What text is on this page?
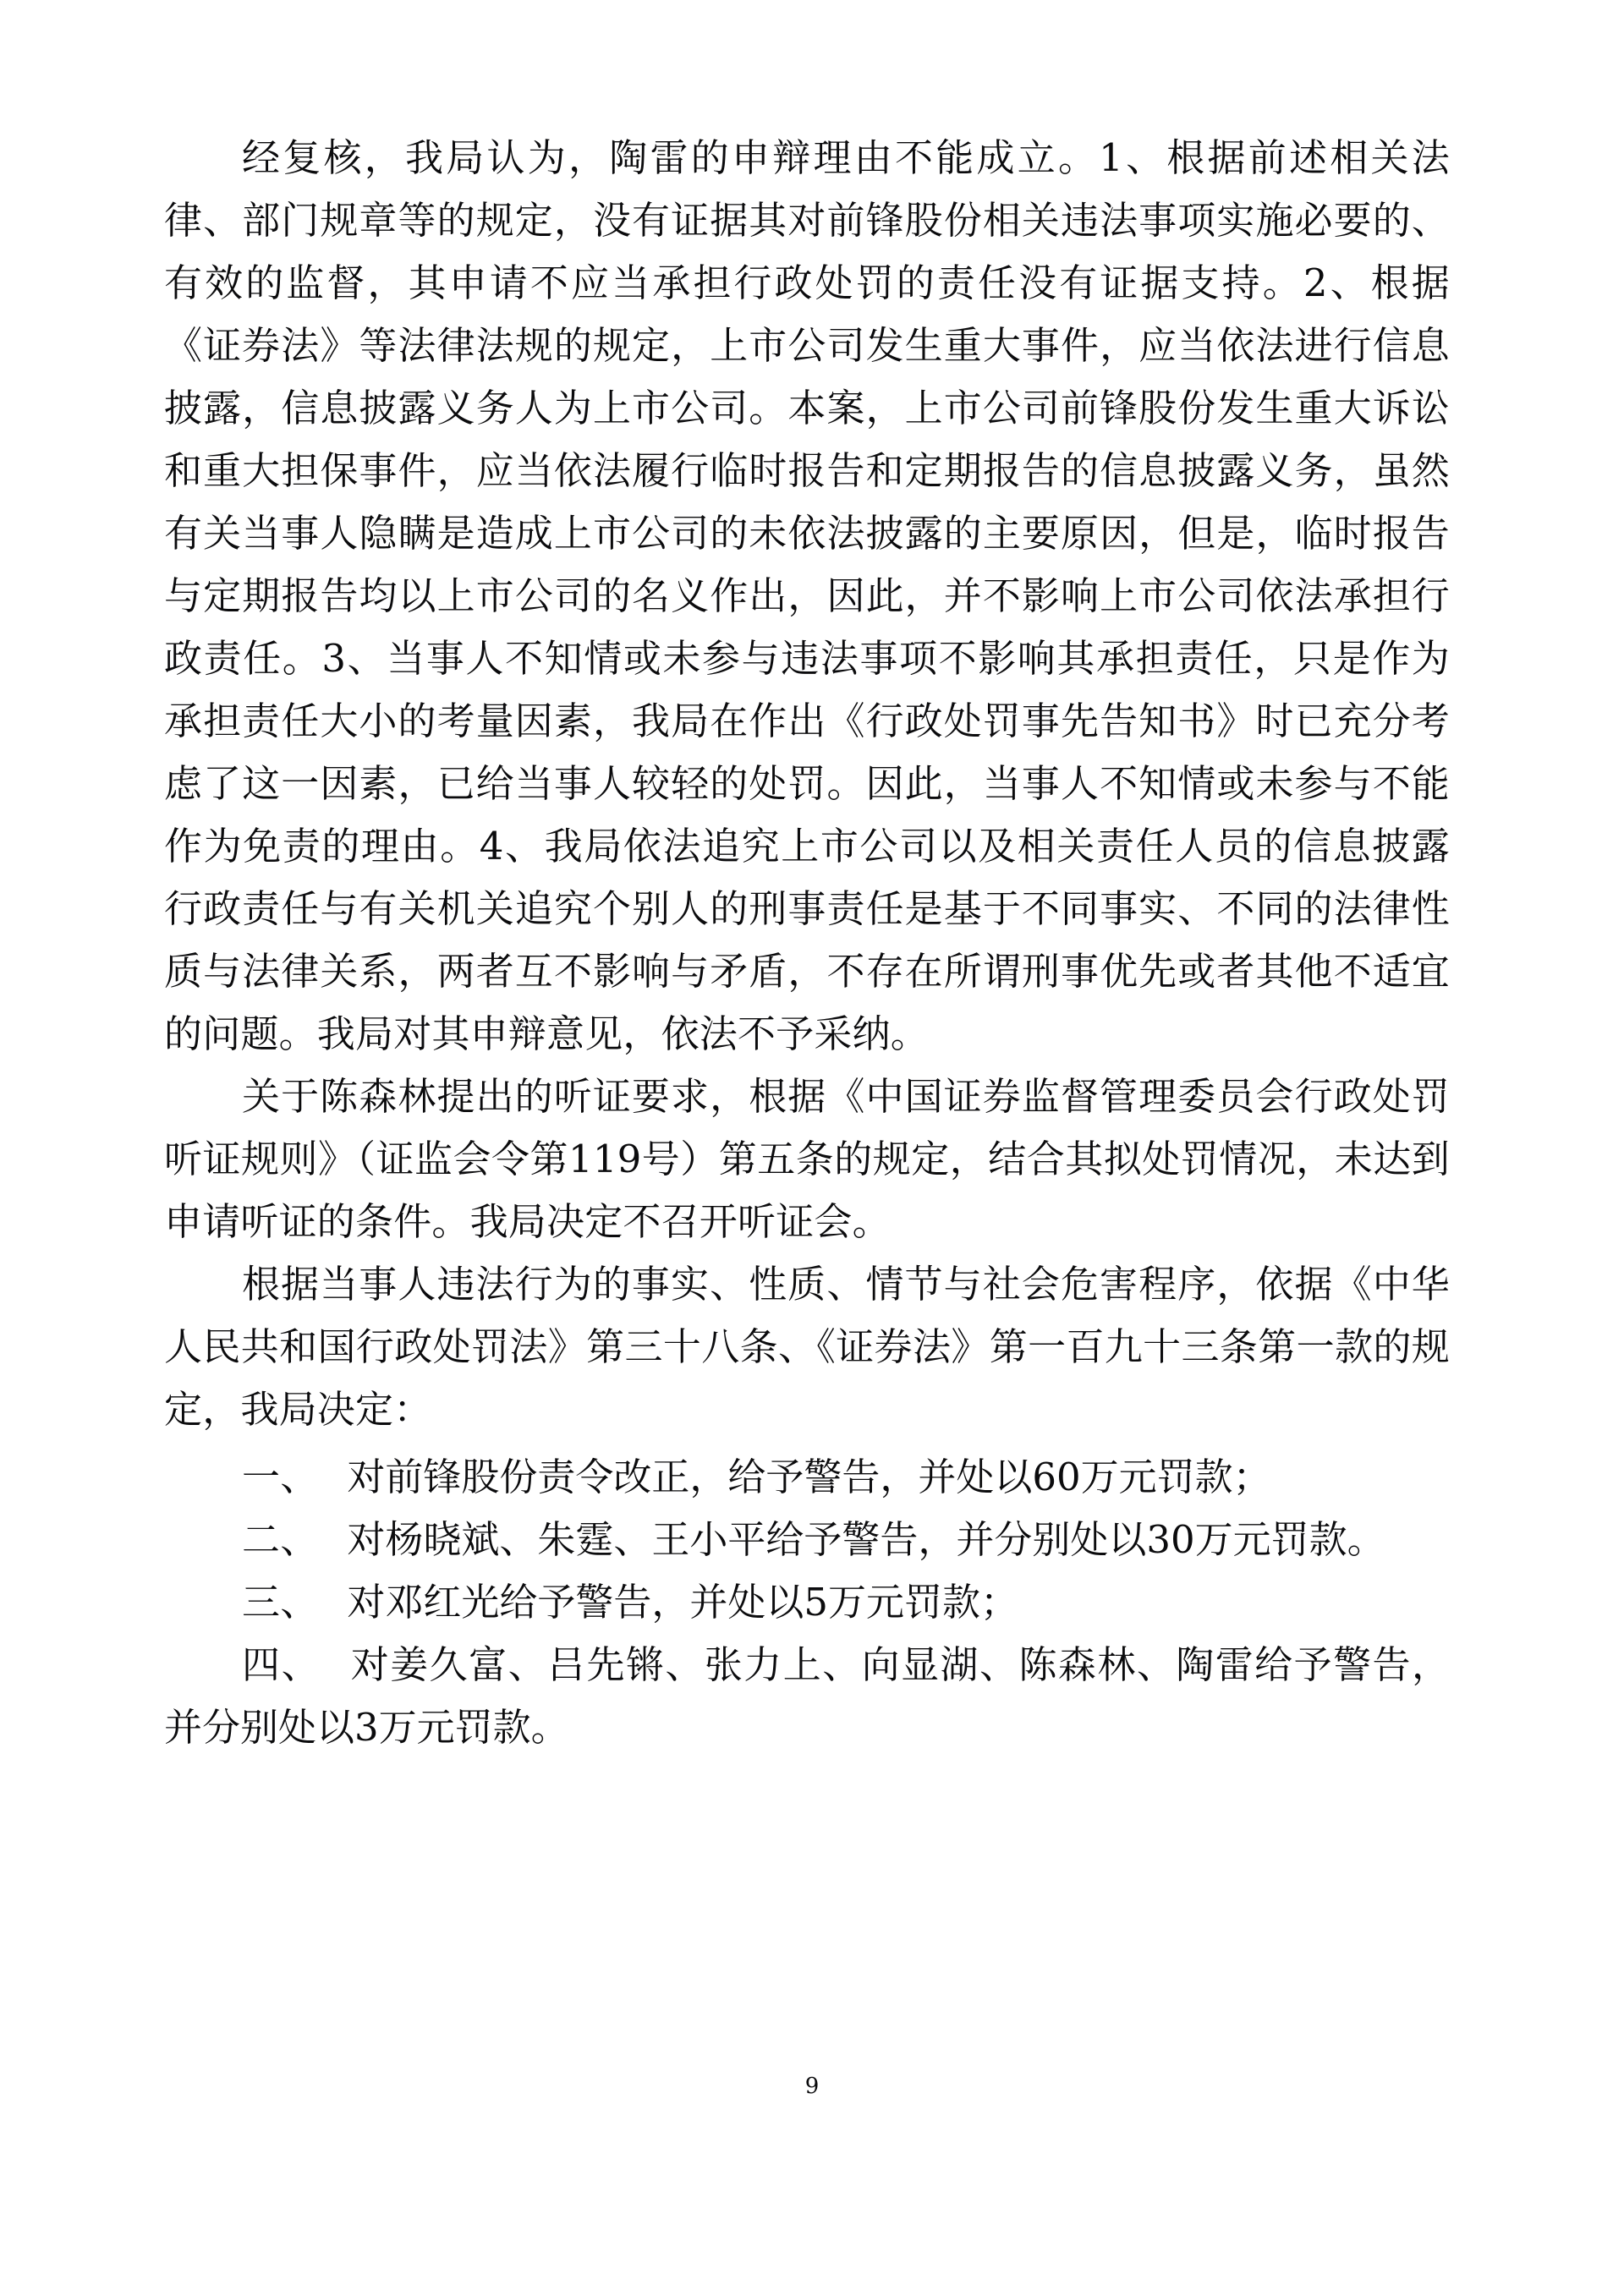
经复核，我局认为，陶雷的申辩理由不能成立。1、根据前述相关法律、部门规章等的规定，没有证据其对前锋股份相关违法事项实施必要的、有效的监督，其申请不应当承担行政处罚的责任没有证据支持。2、根据《证券法》等法律法规的规定，上市公司发生重大事件，应当依法进行信息披露，信息披露义务人为上市公司。本案，上市公司前锋股份发生重大诉讼和重大担保事件，应当依法履行临时报告和定期报告的信息披露义务，虽然有关当事人隐瞒是造成上市公司的未依法披露的主要原因，但是，临时报告与定期报告均以上市公司的名义作出，因此，并不影响上市公司依法承担行政责任。3、当事人不知情或未参与违法事项不影响其承担责任，只是作为承担责任大小的考量因素，我局在作出《行政处罚事先告知书》时已充分考虑了这一因素，已给当事人较轻的处罚。因此，当事人不知情或未参与不能作为免责的理由。4、我局依法追究上市公司以及相关责任人员的信息披露行政责任与有关机关追究个别人的刑事责任是基于不同事实、不同的法律性质与法律关系，两者互不影响与矛盾，不存在所谓刑事优先或者其他不适宜的问题。我局对其申辩意见，依法不予采纳。

关于陈森林提出的听证要求，根据《中国证券监督管理委员会行政处罚听证规则》（证监会令第119号）第五条的规定，结合其拟处罚情况，未达到申请听证的条件。我局决定不召开听证会。

根据当事人违法行为的事实、性质、情节与社会危害程序，依据《中华人民共和国行政处罚法》第三十八条、《证券法》第一百九十三条第一款的规定，我局决定：

一、 对前锋股份责令改正，给予警告，并处以60万元罚款；

二、 对杨晓斌、朱霆、王小平给予警告，并分别处以30万元罚款。

三、 对邓红光给予警告，并处以5万元罚款；

四、 对姜久富、吕先锵、张力上、向显湖、陈森林、陶雷给予警告，并分别处以3万元罚款。

9
